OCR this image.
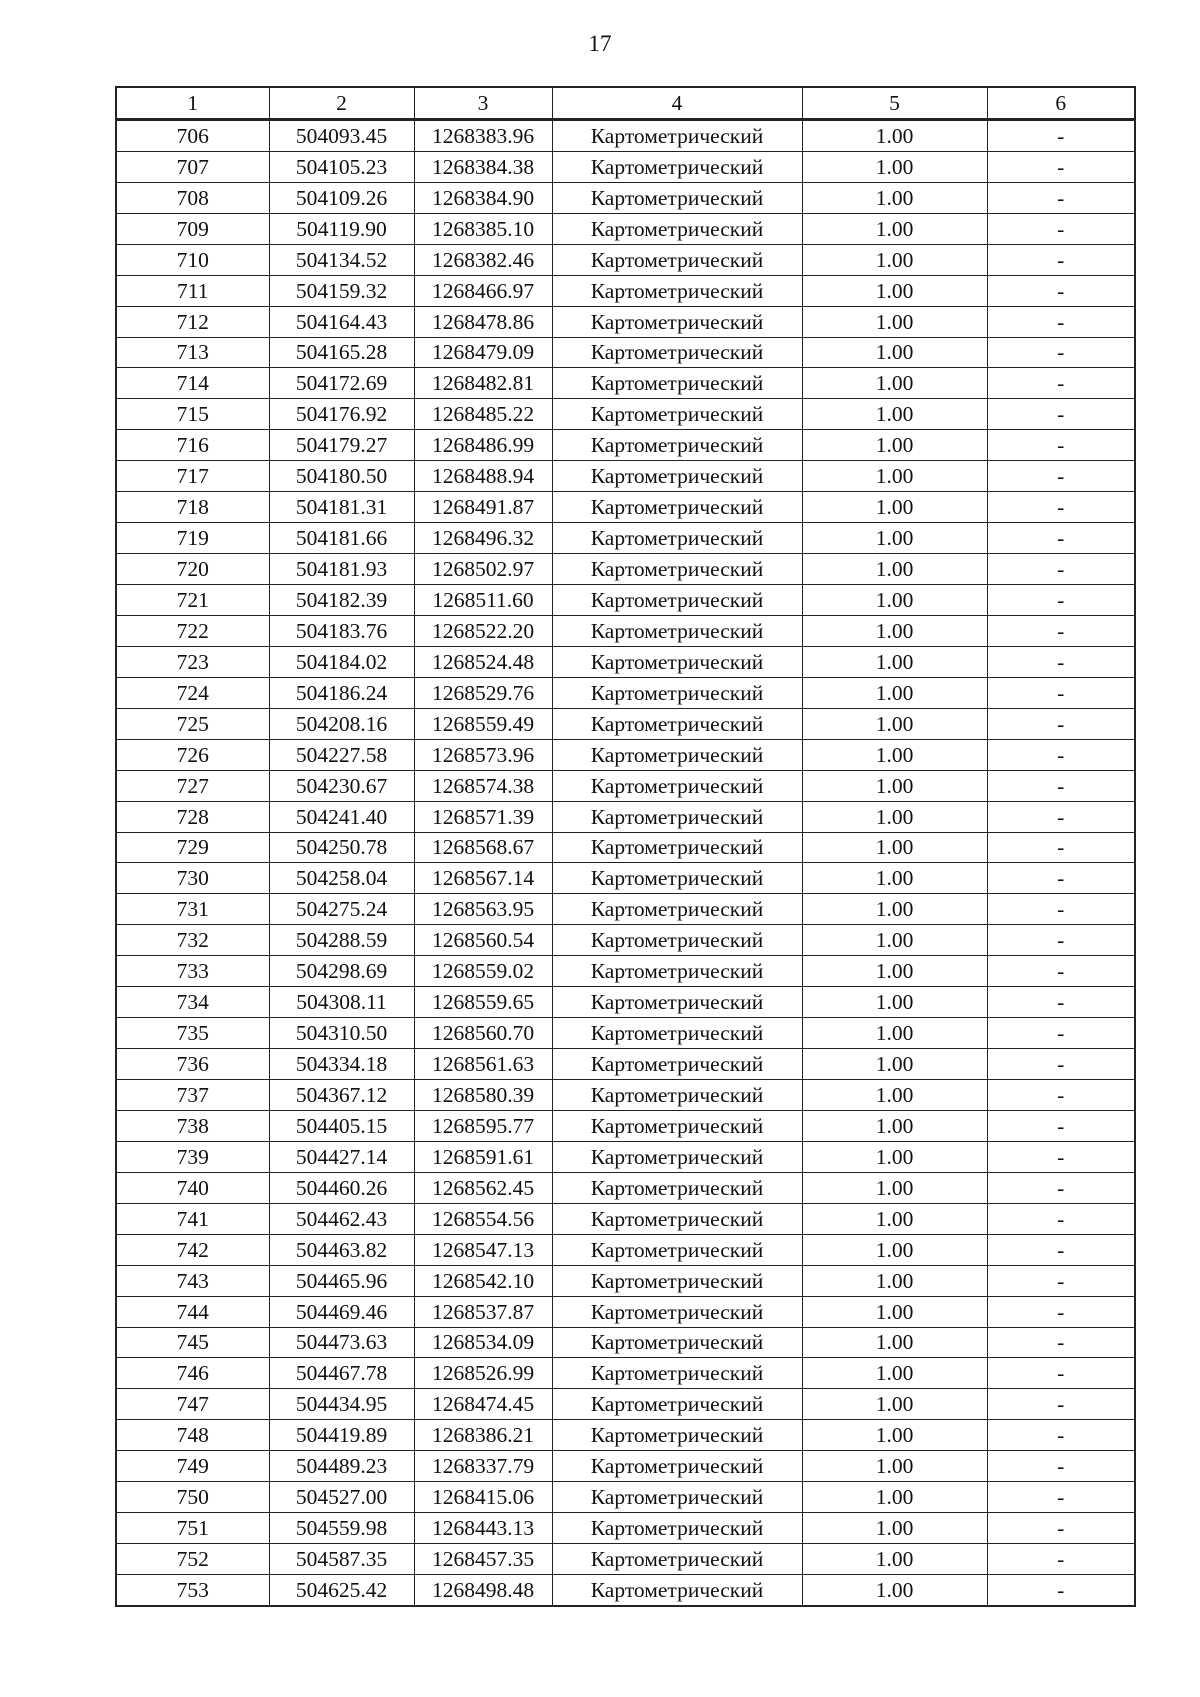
17
1	2	3	4	5	6
706	504093.45	1268383.96	Картометрический	1.00	-
707	504105.23	1268384.38	Картометрический	1.00	-
708	504109.26	1268384.90	Картометрический	1.00	-
709	504119.90	1268385.10	Картометрический	1.00	-
710	504134.52	1268382.46	Картометрический	1.00	-
711	504159.32	1268466.97	Картометрический	1.00	-
712	504164.43	1268478.86	Картометрический	1.00	-
713	504165.28	1268479.09	Картометрический	1.00	-
714	504172.69	1268482.81	Картометрический	1.00	-
715	504176.92	1268485.22	Картометрический	1.00	-
716	504179.27	1268486.99	Картометрический	1.00	-
717	504180.50	1268488.94	Картометрический	1.00	-
718	504181.31	1268491.87	Картометрический	1.00	-
719	504181.66	1268496.32	Картометрический	1.00	-
720	504181.93	1268502.97	Картометрический	1.00	-
721	504182.39	1268511.60	Картометрический	1.00	-
722	504183.76	1268522.20	Картометрический	1.00	-
723	504184.02	1268524.48	Картометрический	1.00	-
724	504186.24	1268529.76	Картометрический	1.00	-
725	504208.16	1268559.49	Картометрический	1.00	-
726	504227.58	1268573.96	Картометрический	1.00	-
727	504230.67	1268574.38	Картометрический	1.00	-
728	504241.40	1268571.39	Картометрический	1.00	-
729	504250.78	1268568.67	Картометрический	1.00	-
730	504258.04	1268567.14	Картометрический	1.00	-
731	504275.24	1268563.95	Картометрический	1.00	-
732	504288.59	1268560.54	Картометрический	1.00	-
733	504298.69	1268559.02	Картометрический	1.00	-
734	504308.11	1268559.65	Картометрический	1.00	-
735	504310.50	1268560.70	Картометрический	1.00	-
736	504334.18	1268561.63	Картометрический	1.00	-
737	504367.12	1268580.39	Картометрический	1.00	-
738	504405.15	1268595.77	Картометрический	1.00	-
739	504427.14	1268591.61	Картометрический	1.00	-
740	504460.26	1268562.45	Картометрический	1.00	-
741	504462.43	1268554.56	Картометрический	1.00	-
742	504463.82	1268547.13	Картометрический	1.00	-
743	504465.96	1268542.10	Картометрический	1.00	-
744	504469.46	1268537.87	Картометрический	1.00	-
745	504473.63	1268534.09	Картометрический	1.00	-
746	504467.78	1268526.99	Картометрический	1.00	-
747	504434.95	1268474.45	Картометрический	1.00	-
748	504419.89	1268386.21	Картометрический	1.00	-
749	504489.23	1268337.79	Картометрический	1.00	-
750	504527.00	1268415.06	Картометрический	1.00	-
751	504559.98	1268443.13	Картометрический	1.00	-
752	504587.35	1268457.35	Картометрический	1.00	-
753	504625.42	1268498.48	Картометрический	1.00	-
